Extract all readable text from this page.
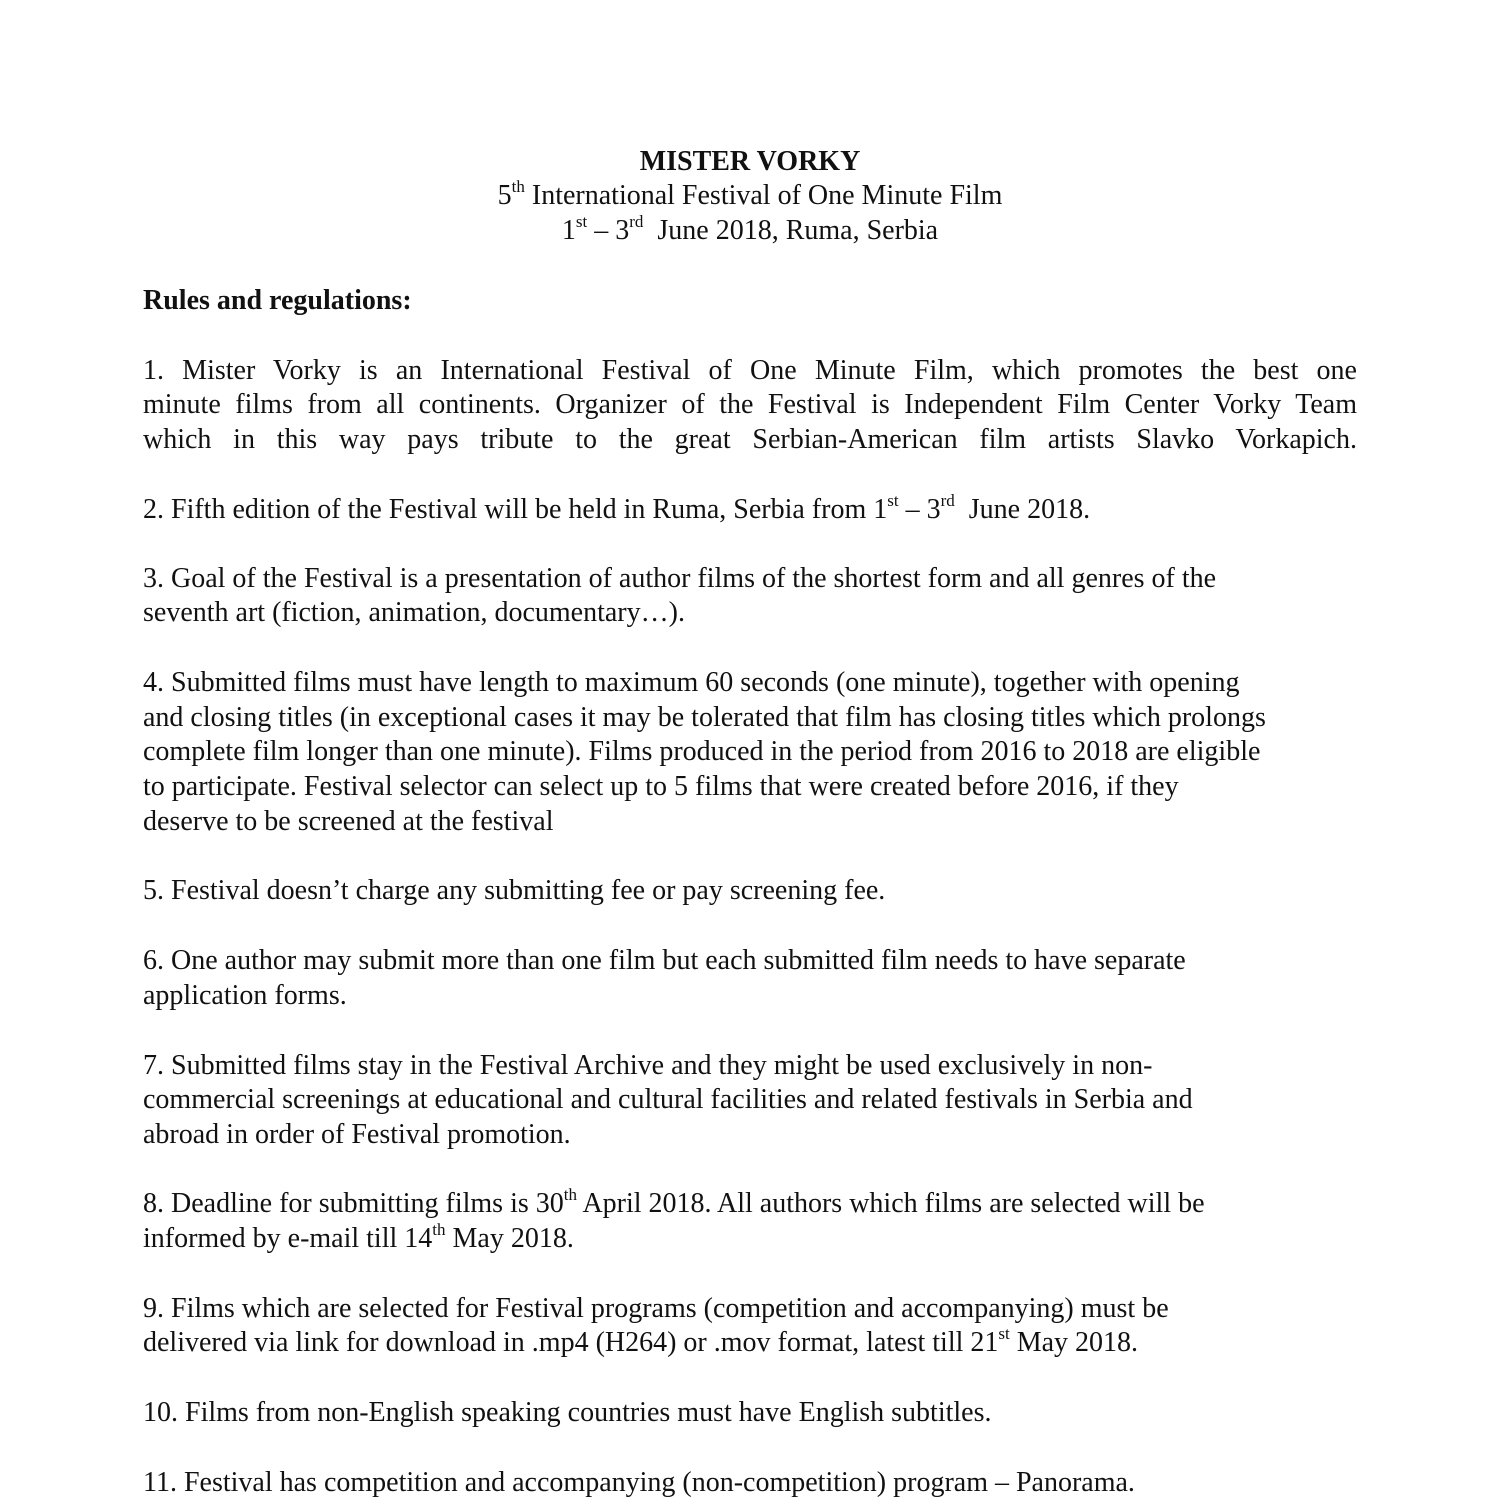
MISTER VORKY
5th International Festival of One Minute Film
1st – 3rd  June 2018, Ruma, Serbia
Rules and regulations:
1. Mister Vorky is an International Festival of One Minute Film, which promotes the best one
minute films from all continents. Organizer of the Festival is Independent Film Center Vorky Team
which in this way pays tribute to the great Serbian-American film artists Slavko Vorkapich.
2. Fifth edition of the Festival will be held in Ruma, Serbia from 1st – 3rd  June 2018.
3. Goal of the Festival is a presentation of author films of the shortest form and all genres of the
seventh art (fiction, animation, documentary…).
4. Submitted films must have length to maximum 60 seconds (one minute), together with opening
and closing titles (in exceptional cases it may be tolerated that film has closing titles which prolongs
complete film longer than one minute). Films produced in the period from 2016 to 2018 are eligible
to participate. Festival selector can select up to 5 films that were created before 2016, if they
deserve to be screened at the festival
5. Festival doesn’t charge any submitting fee or pay screening fee.
6. One author may submit more than one film but each submitted film needs to have separate
application forms.
7. Submitted films stay in the Festival Archive and they might be used exclusively in non-
commercial screenings at educational and cultural facilities and related festivals in Serbia and
abroad in order of Festival promotion.
8. Deadline for submitting films is 30th April 2018. All authors which films are selected will be
informed by e-mail till 14th May 2018.
9. Films which are selected for Festival programs (competition and accompanying) must be
delivered via link for download in .mp4 (H264) or .mov format, latest till 21st May 2018.
10. Films from non-English speaking countries must have English subtitles.
11. Festival has competition and accompanying (non-competition) program – Panorama.
